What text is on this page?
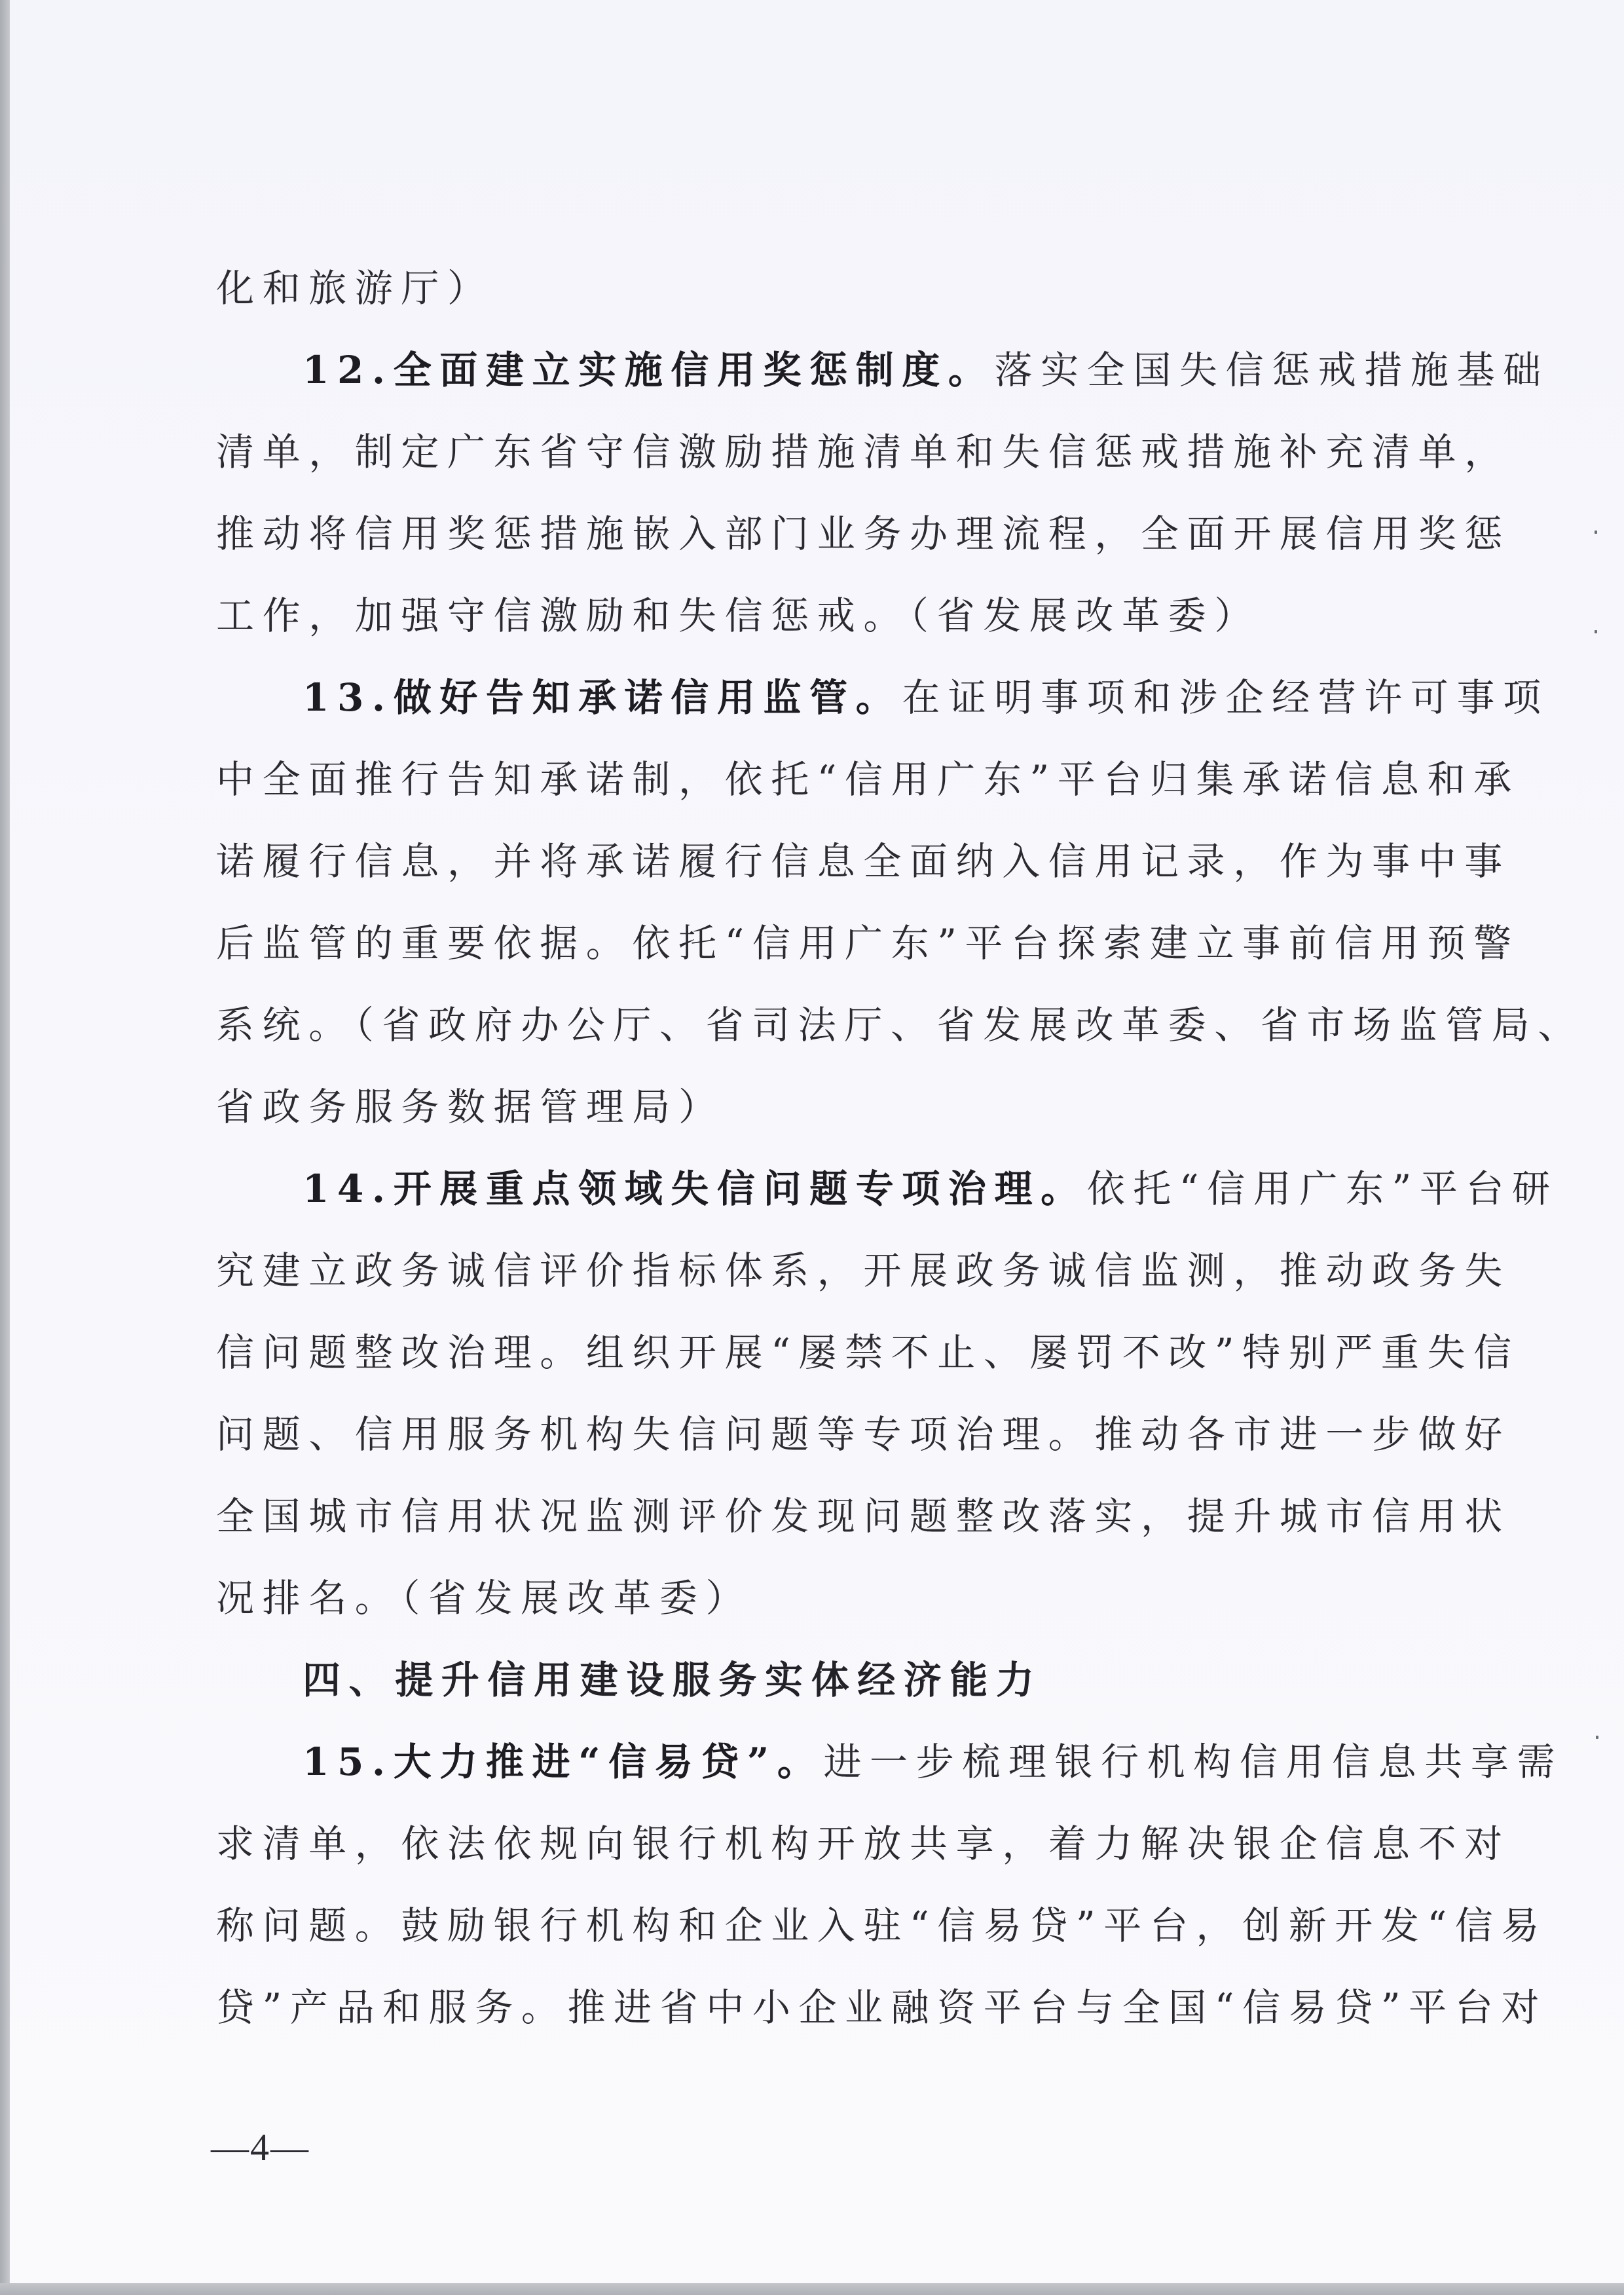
化和旅游厅）
12.全面建立实施信用奖惩制度。落实全国失信惩戒措施基础
清单，制定广东省守信激励措施清单和失信惩戒措施补充清单，
推动将信用奖惩措施嵌入部门业务办理流程，全面开展信用奖惩
工作，加强守信激励和失信惩戒。（省发展改革委）
13.做好告知承诺信用监管。在证明事项和涉企经营许可事项
中全面推行告知承诺制，依托“信用广东”平台归集承诺信息和承
诺履行信息，并将承诺履行信息全面纳入信用记录，作为事中事
后监管的重要依据。依托“信用广东”平台探索建立事前信用预警
系统。（省政府办公厅、省司法厅、省发展改革委、省市场监管局、
省政务服务数据管理局）
14.开展重点领域失信问题专项治理。依托“信用广东”平台研
究建立政务诚信评价指标体系，开展政务诚信监测，推动政务失
信问题整改治理。组织开展“屡禁不止、屡罚不改”特别严重失信
问题、信用服务机构失信问题等专项治理。推动各市进一步做好
全国城市信用状况监测评价发现问题整改落实，提升城市信用状
况排名。（省发展改革委）
四、提升信用建设服务实体经济能力
15.大力推进“信易贷”。进一步梳理银行机构信用信息共享需
求清单，依法依规向银行机构开放共享，着力解决银企信息不对
称问题。鼓励银行机构和企业入驻“信易贷”平台，创新开发“信易
贷”产品和服务。推进省中小企业融资平台与全国“信易贷”平台对
—4—
